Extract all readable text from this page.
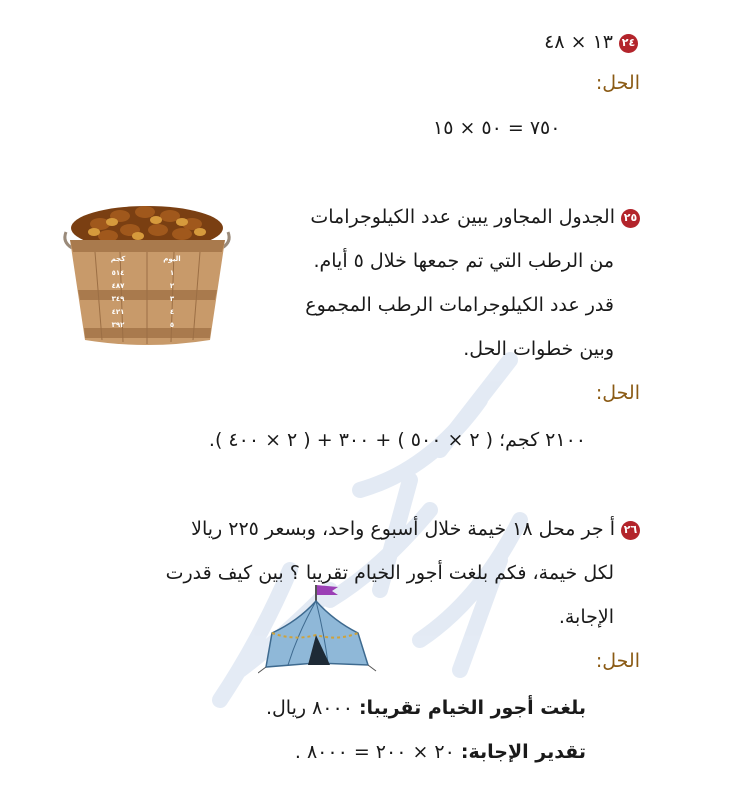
٢٤١٣ × ٤٨
الحل:
٧٥٠ = ٥٠ × ١٥
٢٥الجدول المجاور يبين عدد الكيلوجرامات
من الرطب التي تم جمعها خلال ٥ أيام.
قدر عدد الكيلوجرامات الرطب المجموع
وبين خطوات الحل.
اليوم
كجم
١
٥١٤
٢
٤٨٧
٣
٣٤٩
٤
٤٢١
٥
٣٩٢
الحل:
٢١٠٠ كجم؛ ( ٢ × ٥٠٠ ) + ٣٠٠ + ( ٢ × ٤٠٠ ).
٢٦أ جر محل ١٨ خيمة خلال أسبوع واحد، وبسعر ٢٢٥ ريالا
لكل خيمة، فكم بلغت أجور الخيام تقريبا ؟ بين كيف قدرت
الإجابة.
الحل:
بلغت أجور الخيام تقريبا: ٨٠٠٠ ريال.
تقدير الإجابة: ٢٠ × ٢٠٠ = ٨٠٠٠ .
